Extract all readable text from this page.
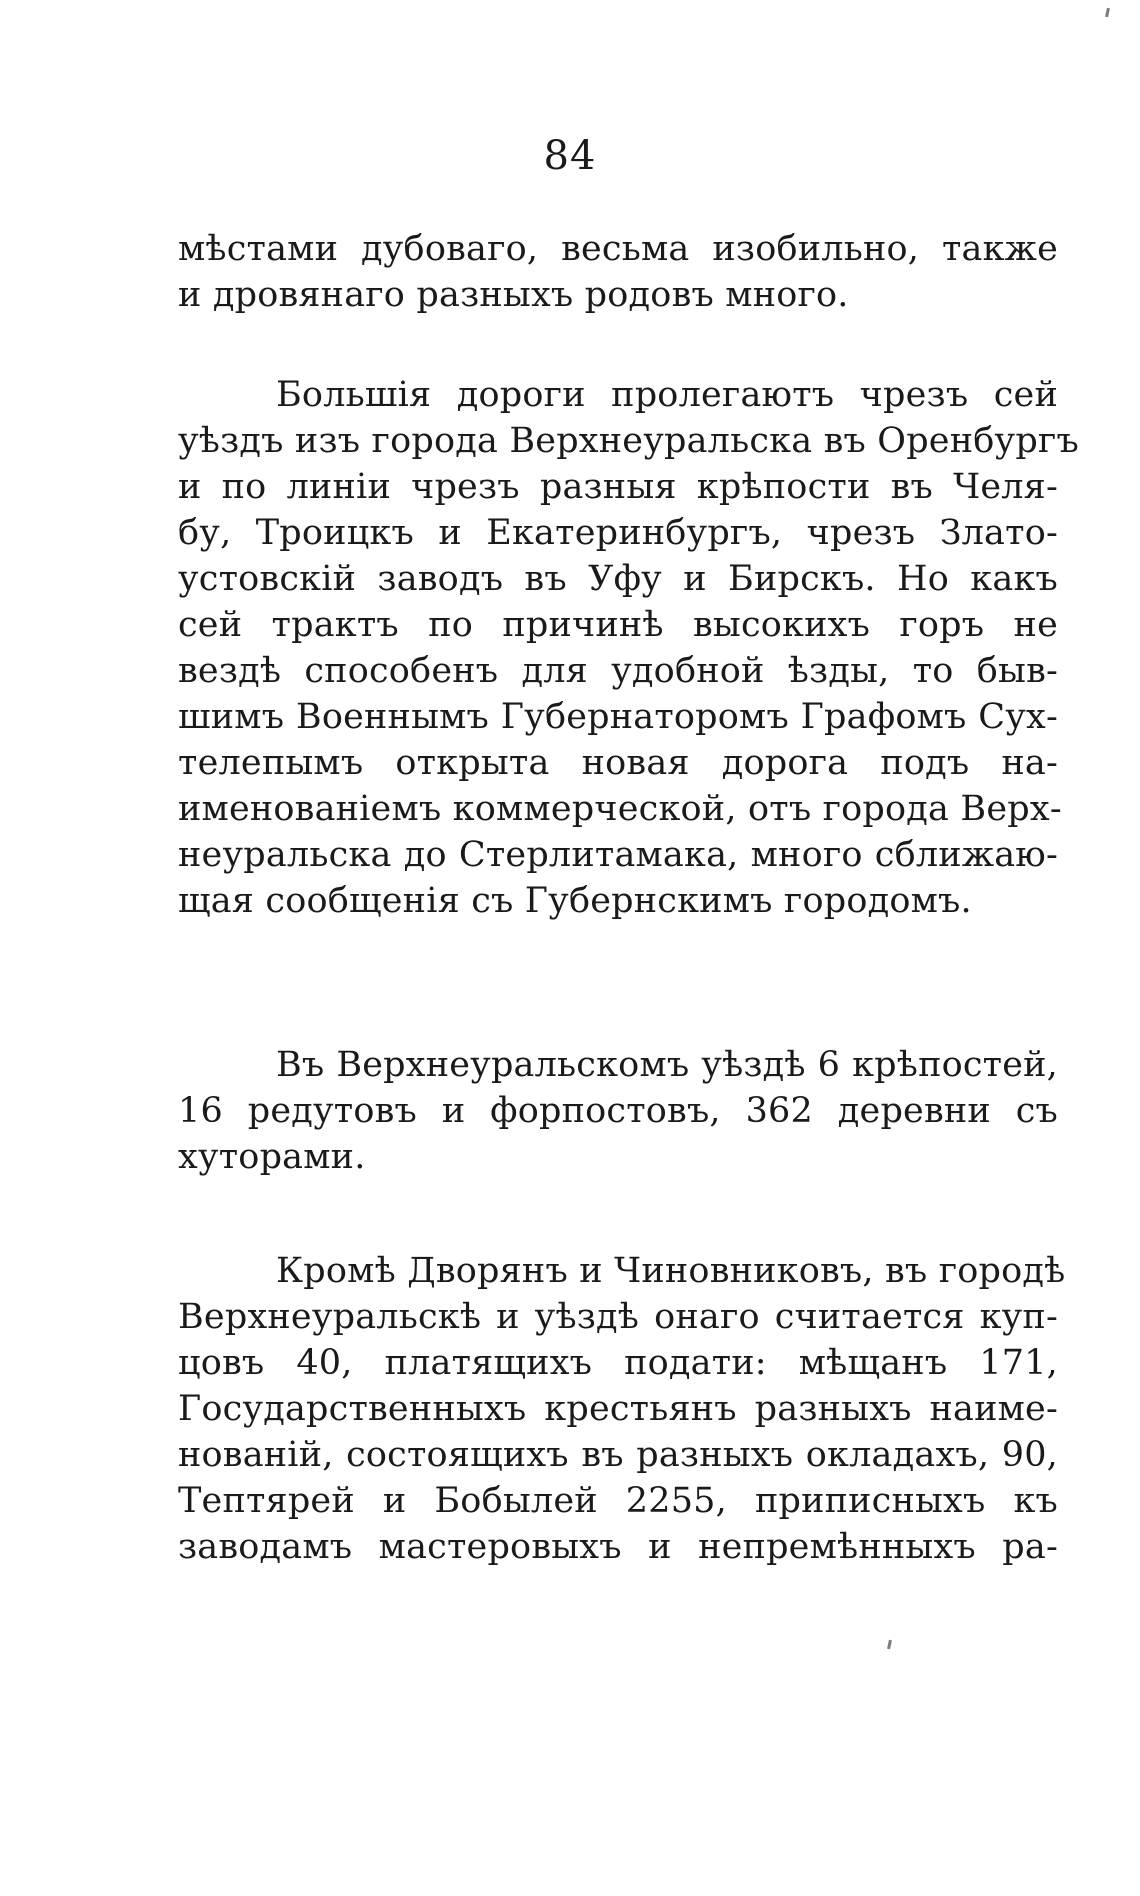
84
мѣстами дубоваго, весьма изобильно, также
и дровянаго разныхъ родовъ много.
Большія дороги пролегаютъ чрезъ сей
уѣздъ изъ города Верхнеуральска въ Оренбургъ
и по линіи чрезъ разныя крѣпости въ Челя-
бу, Троицкъ и Екатеринбургъ, чрезъ Злато-
устовскій заводъ въ Уфу и Бирскъ. Но какъ
сей трактъ по причинѣ высокихъ горъ не
вездѣ способенъ для удобной ѣзды, то быв-
шимъ Военнымъ Губернаторомъ Графомъ Сух-
телепымъ открыта новая дорога подъ на-
именованіемъ коммерческой, отъ города Верх-
неуральска до Стерлитамака, много сближаю-
щая сообщенія съ Губернскимъ городомъ.
Въ Верхнеуральскомъ уѣздѣ 6 крѣпостей,
16 редутовъ и форпостовъ, 362 деревни съ
хуторами.
Кромѣ Дворянъ и Чиновниковъ, въ городѣ
Верхнеуральскѣ и уѣздѣ онаго считается куп-
цовъ 40, платящихъ подати: мѣщанъ 171,
Государственныхъ крестьянъ разныхъ наиме-
нованій, состоящихъ въ разныхъ окладахъ, 90,
Тептярей и Бобылей 2255, приписныхъ къ
заводамъ мастеровыхъ и непремѣнныхъ ра-
